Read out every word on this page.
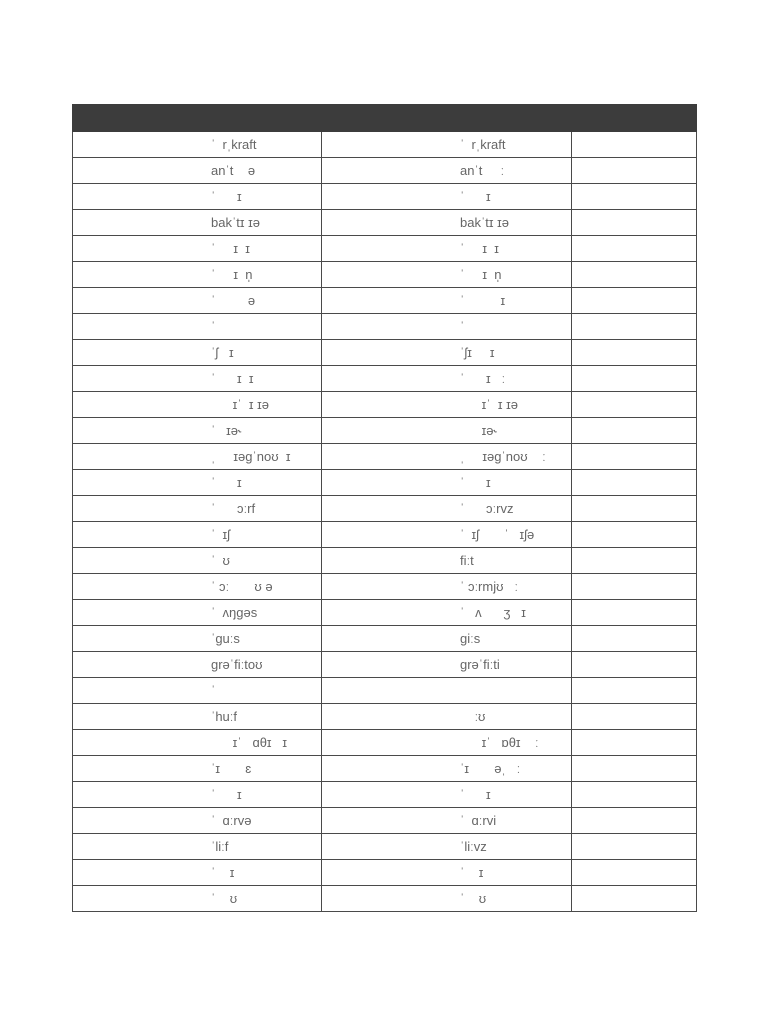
ˈ  rˌkraft	ˈ  rˌkraft	
anˈt    ə	anˈt     ː	
ˈ      ɪ	ˈ      ɪ	
bakˈtɪ ɪə	bakˈtɪ ɪə	
ˈ     ɪ  ɪ	ˈ     ɪ  ɪ	
ˈ     ɪ  n̩	ˈ     ɪ  n̩	
ˈ         ə	ˈ          ɪ	
ˈ	ˈ	
ˈʃ   ɪ	ˈʃɪ     ɪ	
ˈ      ɪ  ɪ	ˈ      ɪ   ː	
ɪˈ  ɪ ɪə	ɪˈ  ɪ ɪə	
ˈ   ɪə˞	ɪə˞	
ˌ     ɪəgˈnoʊ  ɪ	ˌ     ɪəgˈnoʊ    ː	
ˈ      ɪ	ˈ      ɪ	
ˈ      ɔːrf	ˈ      ɔːrvz	
ˈ  ɪʃ	ˈ  ɪʃ       ˈ   ɪʃə	
ˈ  ʊ	fiːt	
ˈ ɔː       ʊ ə	ˈ ɔːrmjʊ   ː	
ˈ  ʌŋgəs	ˈ   ʌ      ʒ   ɪ	
ˈguːs	giːs	
grəˈfiːtoʊ	grəˈfiːti	
ˈ		
ˈhuːf	ːʊ	
ɪˈ   ɑθɪ   ɪ	ɪˈ   ɒθɪ    ː	
ˈɪ       ɛ	ˈɪ       əˌ   ː	
ˈ      ɪ	ˈ      ɪ	
ˈ  ɑːrvə	ˈ  ɑːrvi	
ˈliːf	ˈliːvz	
ˈ    ɪ	ˈ    ɪ	
ˈ    ʊ	ˈ    ʊ	
